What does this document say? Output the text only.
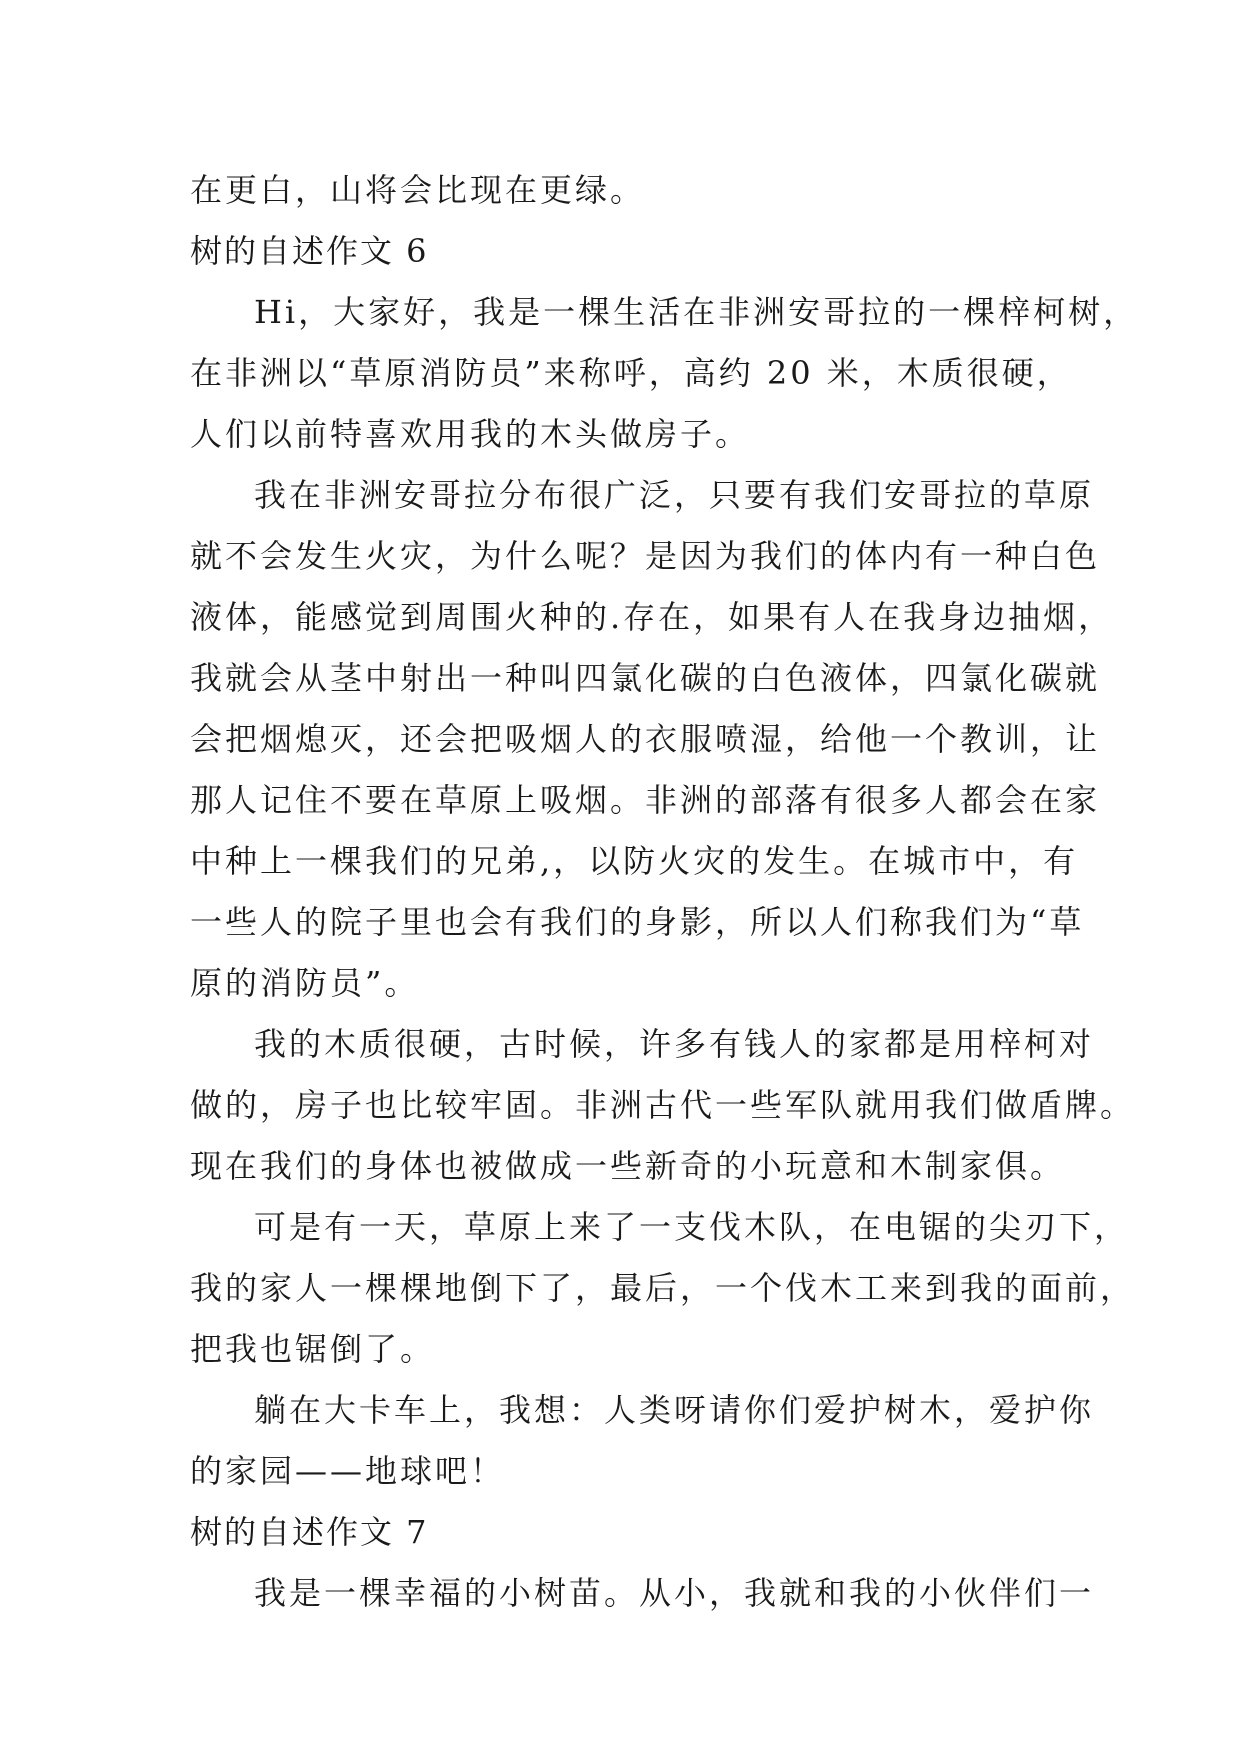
在更白，山将会比现在更绿。
树的自述作文 6
Hi，大家好，我是一棵生活在非洲安哥拉的一棵梓柯树，
在非洲以“草原消防员”来称呼，高约 20 米，木质很硬，
人们以前特喜欢用我的木头做房子。
我在非洲安哥拉分布很广泛，只要有我们安哥拉的草原
就不会发生火灾，为什么呢？是因为我们的体内有一种白色
液体，能感觉到周围火种的.存在，如果有人在我身边抽烟，
我就会从茎中射出一种叫四氯化碳的白色液体，四氯化碳就
会把烟熄灭，还会把吸烟人的衣服喷湿，给他一个教训，让
那人记住不要在草原上吸烟。非洲的部落有很多人都会在家
中种上一棵我们的兄弟,，以防火灾的发生。在城市中，有
一些人的院子里也会有我们的身影，所以人们称我们为“草
原的消防员”。
我的木质很硬，古时候，许多有钱人的家都是用梓柯对
做的，房子也比较牢固。非洲古代一些军队就用我们做盾牌。
现在我们的身体也被做成一些新奇的小玩意和木制家俱。
可是有一天，草原上来了一支伐木队，在电锯的尖刃下，
我的家人一棵棵地倒下了，最后，一个伐木工来到我的面前，
把我也锯倒了。
躺在大卡车上，我想：人类呀请你们爱护树木，爱护你
的家园——地球吧！
树的自述作文 7
我是一棵幸福的小树苗。从小，我就和我的小伙伴们一
